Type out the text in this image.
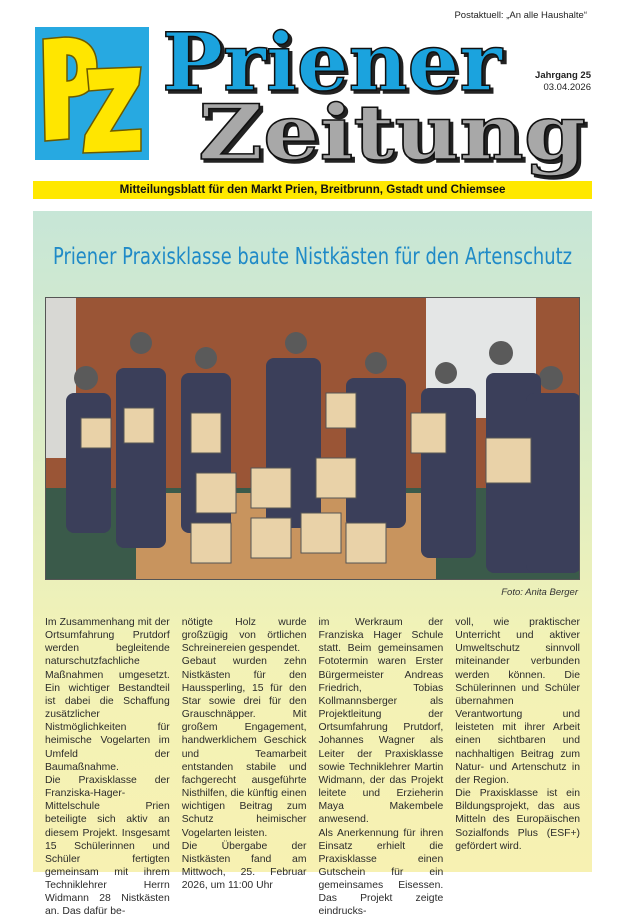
Priener
Zeitung
Postaktuell: „An alle Haushalte“
Jahrgang 25
03.04.2026
Mitteilungsblatt für den Markt Prien, Breitbrunn, Gstadt und Chiemsee
Priener Praxisklasse baute Nistkästen für den Artenschutz
Foto: Anita Berger

Im Zusammenhang mit der Ortsumfahrung Prutdorf werden begleitende naturschutzfachliche Maßnahmen umgesetzt. Ein wichtiger Bestandteil ist dabei die Schaffung zusätzlicher Nistmöglichkeiten für heimische Vogelarten im Umfeld der Baumaßnahme.

Die Praxisklasse der Franziska-Hager-Mittelschule Prien beteiligte sich aktiv an diesem Projekt. Insgesamt 15 Schülerinnen und Schüler fertigten gemeinsam mit ihrem Techniklehrer Herrn Widmann 28 Nistkästen an. Das dafür be-

nötigte Holz wurde großzügig von örtlichen Schreinereien gespendet.

Gebaut wurden zehn Nistkästen für den Haussperling, 15 für den Star sowie drei für den Grauschnäpper. Mit großem Engagement, handwerklichem Geschick und Teamarbeit entstanden stabile und fachgerecht ausgeführte Nisthilfen, die künftig einen wichtigen Beitrag zum Schutz heimischer Vogelarten leisten.

Die Übergabe der Nistkästen fand am Mittwoch, 25. Februar 2026, um 11:00 Uhr

im Werkraum der Franziska Hager Schule statt. Beim gemeinsamen Fototermin waren Erster Bürgermeister Andreas Friedrich, Tobias Kollmannsberger als Projektleitung der Ortsumfahrung Prutdorf, Johannes Wagner als Leiter der Praxisklasse sowie Techniklehrer Martin Widmann, der das Projekt leitete und Erzieherin Maya Makembele anwesend.

Als Anerkennung für ihren Einsatz erhielt die Praxisklasse einen Gutschein für ein gemeinsames Eisessen. Das Projekt zeigte eindrucks-

voll, wie praktischer Unterricht und aktiver Umweltschutz sinnvoll miteinander verbunden werden können. Die Schülerinnen und Schüler übernahmen Verantwortung und leisteten mit ihrer Arbeit einen sichtbaren und nachhaltigen Beitrag zum Natur- und Artenschutz in der Region.

Die Praxisklasse ist ein Bildungsprojekt, das aus Mitteln des Europäischen Sozialfonds Plus (ESF+) gefördert wird.
